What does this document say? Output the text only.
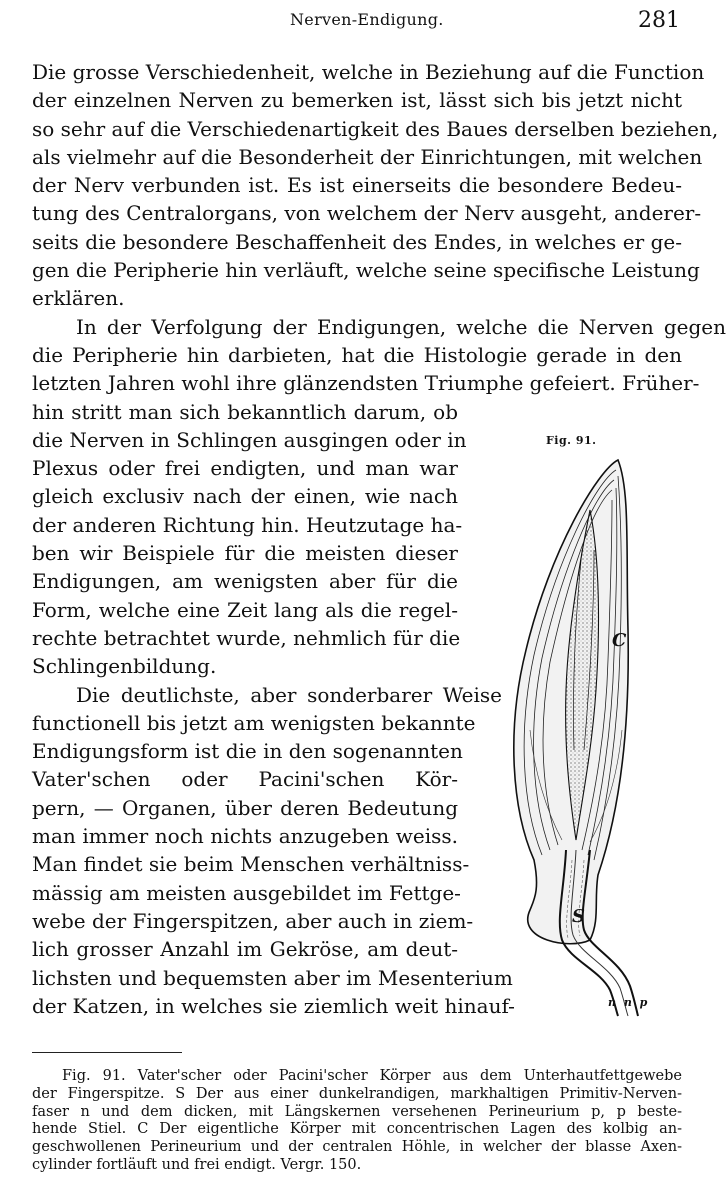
Nerven-Endigung.	281
Die grosse Verschiedenheit, welche in Beziehung auf die Function
der einzelnen Nerven zu bemerken ist, lässt sich bis jetzt nicht
so sehr auf die Verschiedenartigkeit des Baues derselben beziehen,
als vielmehr auf die Besonderheit der Einrichtungen, mit welchen
der Nerv verbunden ist. Es ist einerseits die besondere Bedeu-
tung des Centralorgans, von welchem der Nerv ausgeht, anderer-
seits die besondere Beschaffenheit des Endes, in welches er ge-
gen die Peripherie hin verläuft, welche seine specifische Leistung
erklären.
In der Verfolgung der Endigungen, welche die Nerven gegen
die Peripherie hin darbieten, hat die Histologie gerade in den
letzten Jahren wohl ihre glänzendsten Triumphe gefeiert. Früher-
hin stritt man sich bekanntlich darum, ob
die Nerven in Schlingen ausgingen oder in
Plexus oder frei endigten, und man war
gleich exclusiv nach der einen, wie nach
der anderen Richtung hin. Heutzutage ha-
ben wir Beispiele für die meisten dieser
Endigungen, am wenigsten aber für die
Form, welche eine Zeit lang als die regel-
rechte betrachtet wurde, nehmlich für die
Schlingenbildung.
Die deutlichste, aber sonderbarer Weise
functionell bis jetzt am wenigsten bekannte
Endigungsform ist die in den sogenannten
Vater'schen oder Pacini'schen Kör-
pern, — Organen, über deren Bedeutung
man immer noch nichts anzugeben weiss.
Man findet sie beim Menschen verhältniss-
mässig am meisten ausgebildet im Fettge-
webe der Fingerspitzen, aber auch in ziem-
lich grosser Anzahl im Gekröse, am deut-
lichsten und bequemsten aber im Mesenterium
der Katzen, in welches sie ziemlich weit hinauf-
Fig. 91.
C
S
n n p
Fig. 91. Vater'scher oder Pacini'scher Körper aus dem Unterhautfettgewebe
der Fingerspitze. S Der aus einer dunkelrandigen, markhaltigen Primitiv-Nerven-
faser n und dem dicken, mit Längskernen versehenen Perineurium p, p beste-
hende Stiel. C Der eigentliche Körper mit concentrischen Lagen des kolbig an-
geschwollenen Perineurium und der centralen Höhle, in welcher der blasse Axen-
cylinder fortläuft und frei endigt. Vergr. 150.
